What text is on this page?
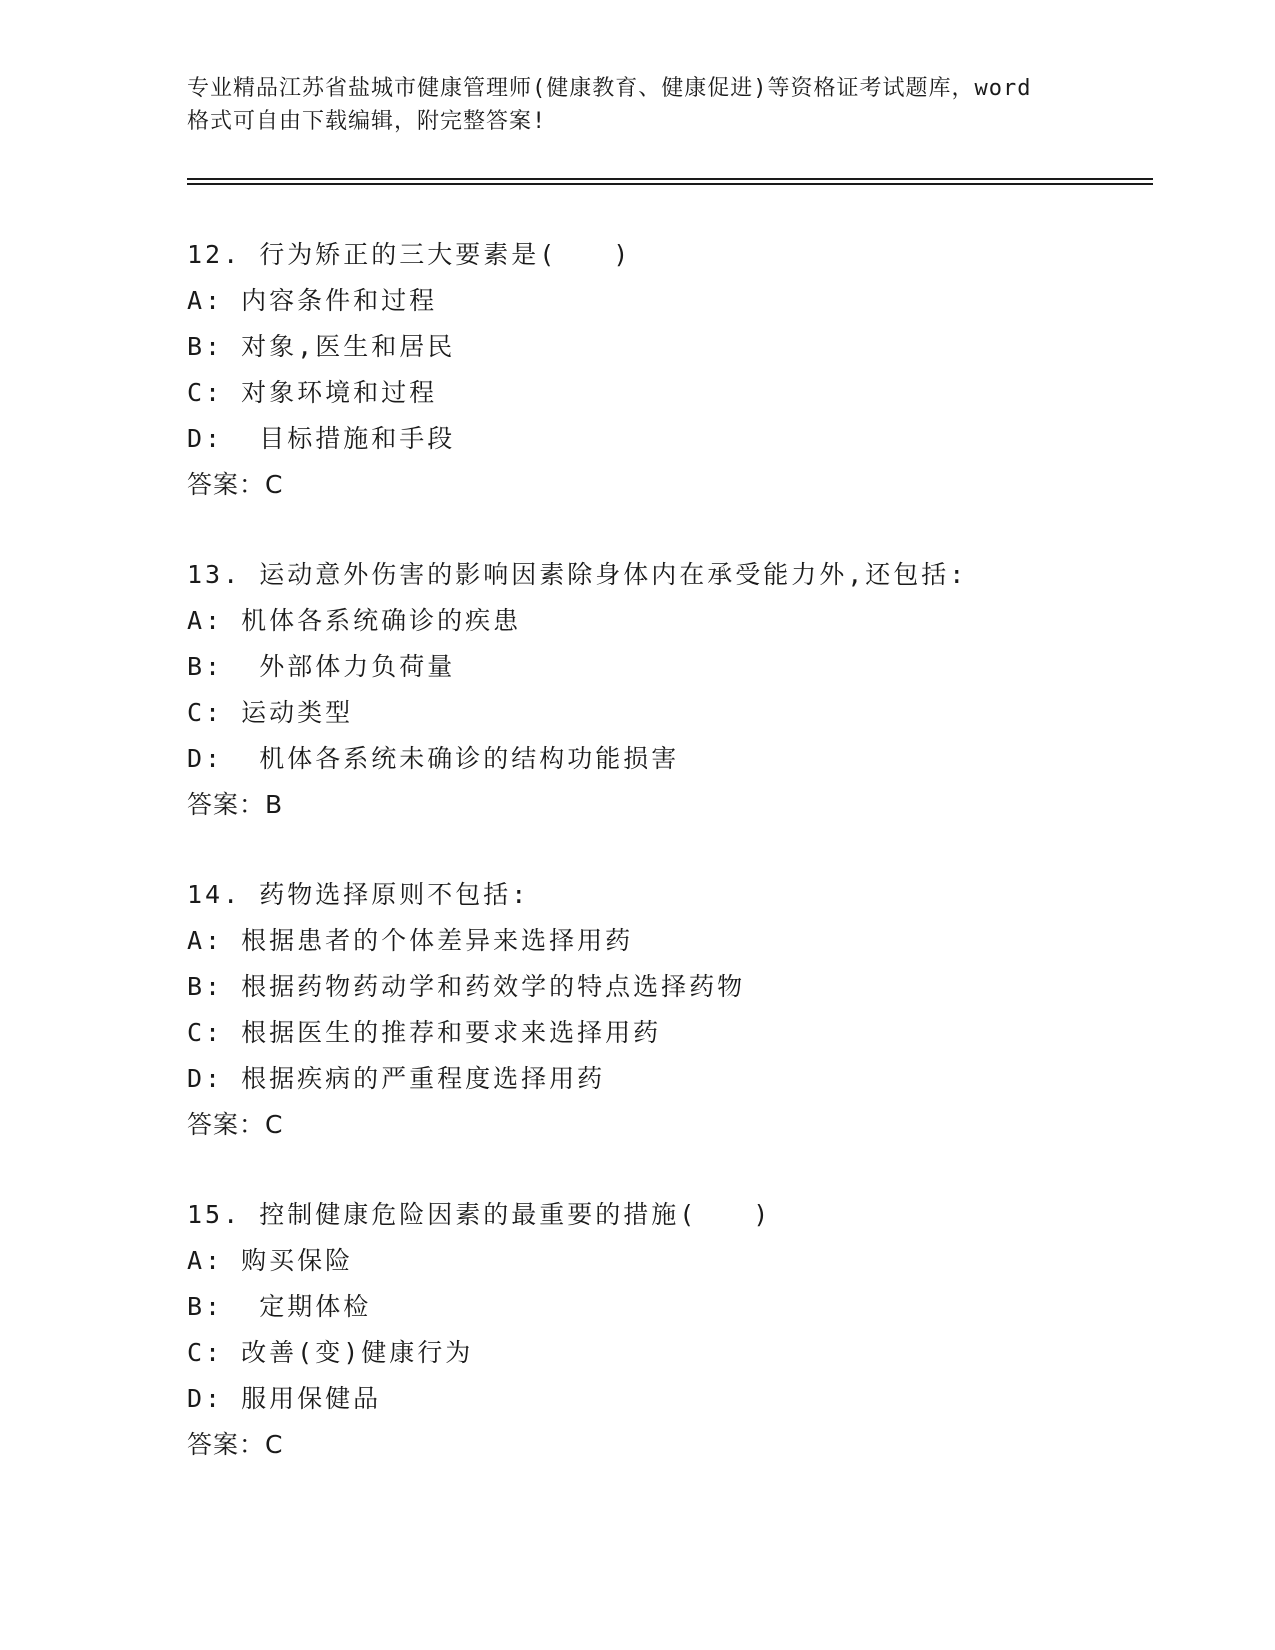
专业精品江苏省盐城市健康管理师(健康教育、健康促进)等资格证考试题库，word
格式可自由下载编辑，附完整答案!
12. 行为矫正的三大要素是(　　)
A: 内容条件和过程
B: 对象,医生和居民
C: 对象环境和过程
D:  目标措施和手段
答案：C
13. 运动意外伤害的影响因素除身体内在承受能力外,还包括:
A: 机体各系统确诊的疾患
B:  外部体力负荷量
C: 运动类型
D:  机体各系统未确诊的结构功能损害
答案：B
14. 药物选择原则不包括:
A: 根据患者的个体差异来选择用药
B: 根据药物药动学和药效学的特点选择药物
C: 根据医生的推荐和要求来选择用药
D: 根据疾病的严重程度选择用药
答案：C
15. 控制健康危险因素的最重要的措施(　　)
A: 购买保险
B:  定期体检
C: 改善(变)健康行为
D: 服用保健品
答案：C
